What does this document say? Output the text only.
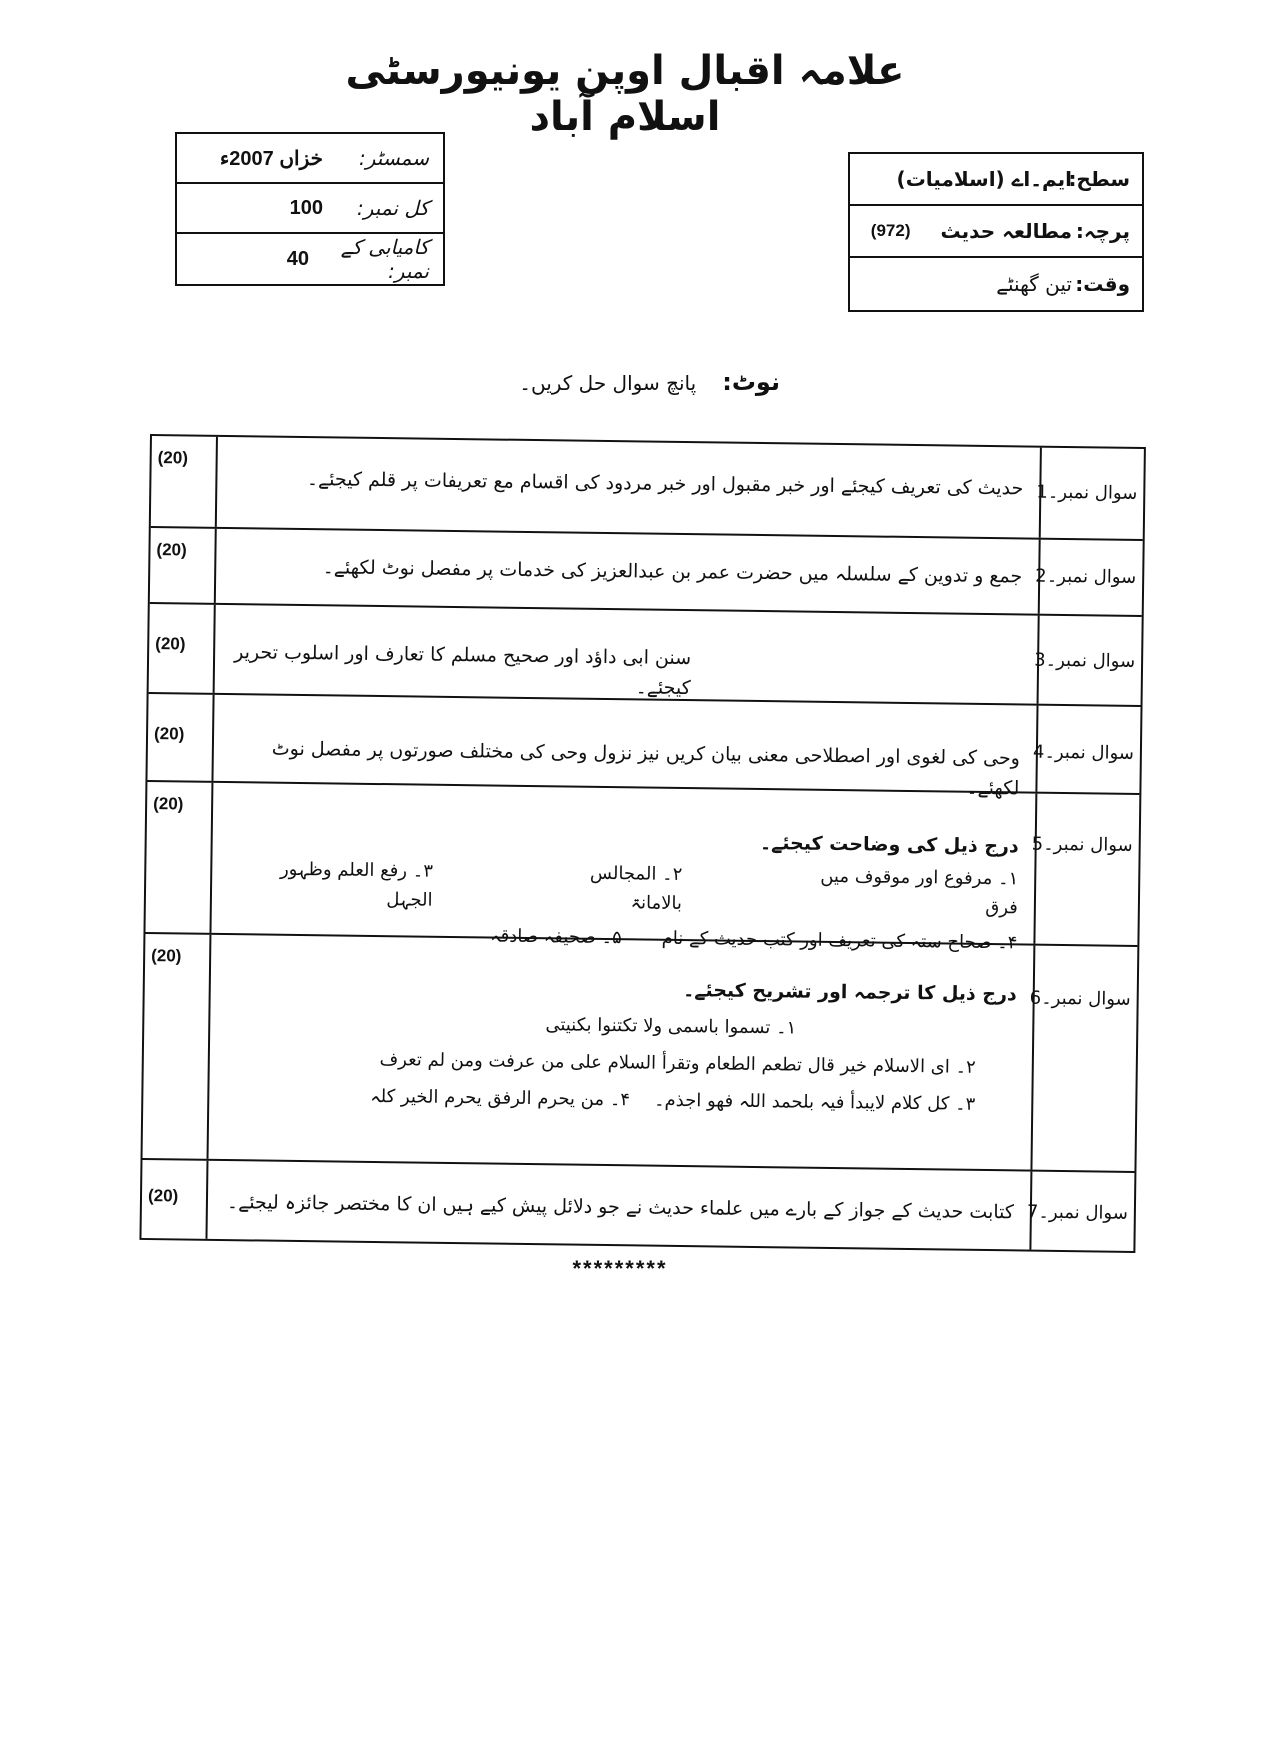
علامہ اقبال اوپن یونیورسٹی اسلام آباد
سمسٹر:
خزاں 2007ء
کل نمبر:
100
کامیابی کے نمبر:
40
سطح:
ایم۔اے (اسلامیات)
پرچہ:
مطالعہ حدیث
(972)
وقت:
تین گھنٹے
نوٹ:
پانچ سوال حل کریں۔
سوال نمبر۔1
حدیث کی تعریف کیجئے اور خبر مقبول اور خبر مردود کی اقسام مع تعریفات پر قلم کیجئے۔
(20)
سوال نمبر۔2
جمع و تدوین کے سلسلہ میں حضرت عمر بن عبدالعزیز کی خدمات پر مفصل نوٹ لکھئے۔
(20)
سوال نمبر۔3
سنن ابی داؤد اور صحیح مسلم کا تعارف اور اسلوب تحریر کیجئے۔
(20)
سوال نمبر۔4
وحی کی لغوی اور اصطلاحی معنی بیان کریں نیز نزول وحی کی مختلف صورتوں پر مفصل نوٹ لکھئے۔
(20)
سوال نمبر۔5
درج ذیل کی وضاحت کیجئے۔
۱۔ مرفوع اور موقوف میں فرق
۲۔ المجالس بالامانۃ
۳۔ رفع العلم وظہور الجہل
۴۔ صحاح ستہ کی تعریف اور کتب حدیث کے نام
۵۔ صحیفہ صادقہ
(20)
سوال نمبر۔6
درج ذیل کا ترجمہ اور تشریح کیجئے۔
۱۔ تسموا باسمی ولا تکتنوا بکنیتی
۲۔ ای الاسلام خیر قال تطعم الطعام وتقرأ السلام علی من عرفت ومن لم تعرف
۳۔ کل کلام لایبدأ فیہ بلحمد اللہ فھو اجذم۔
۴۔ من یحرم الرفق یحرم الخیر کلہ
(20)
سوال نمبر۔7
کتابت حدیث کے جواز کے بارے میں علماء حدیث نے جو دلائل پیش کیے ہیں ان کا مختصر جائزہ لیجئے۔
(20)
*********
